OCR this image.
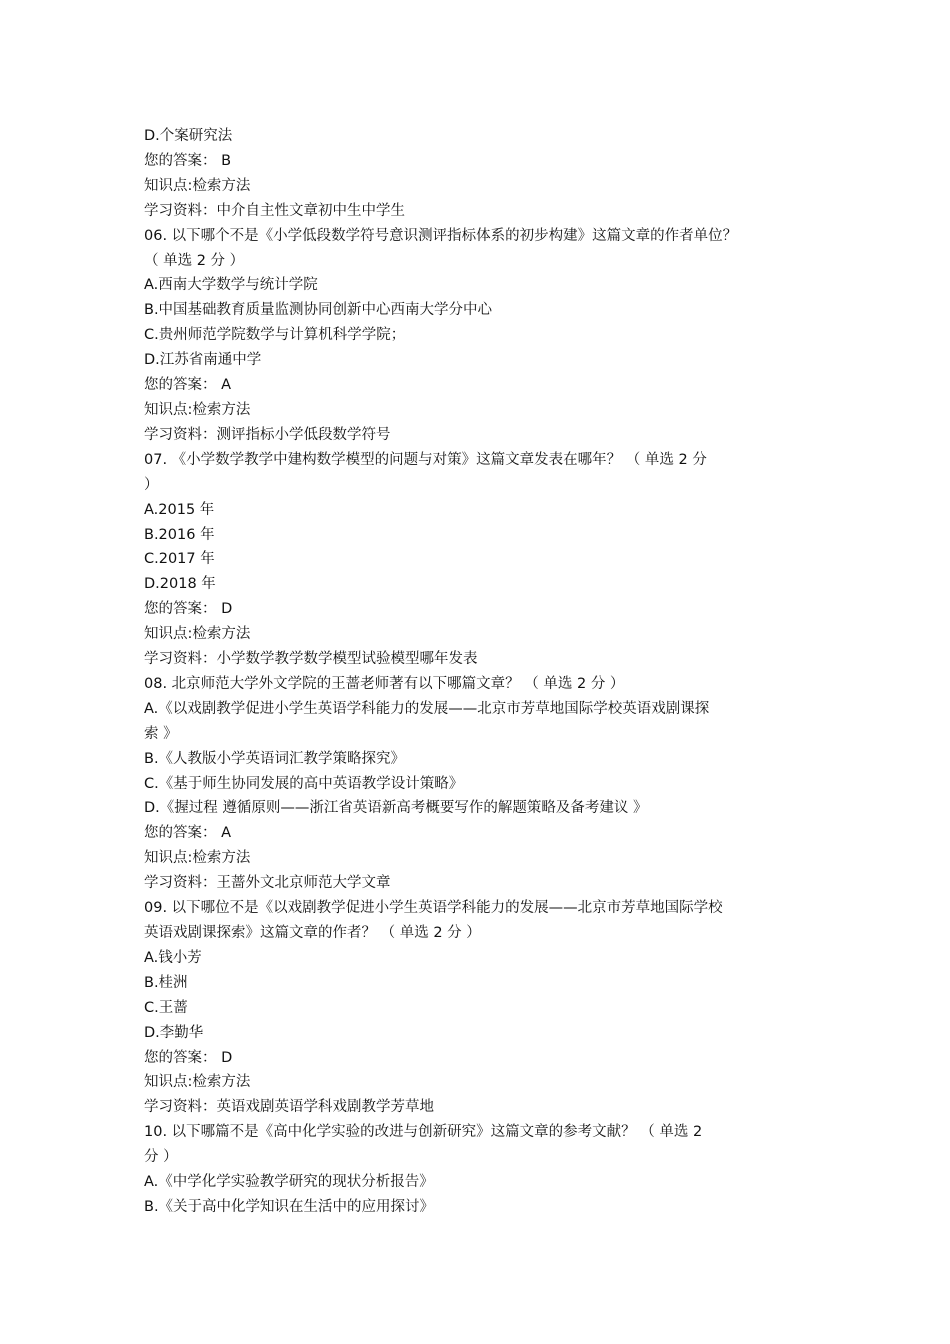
D.个案研究法
您的答案： B
知识点:检索方法
学习资料：中介自主性文章初中生中学生
06. 以下哪个不是《小学低段数学符号意识测评指标体系的初步构建》这篇文章的作者单位？
（ 单选 2 分 ）
A.西南大学数学与统计学院
B.中国基础教育质量监测协同创新中心西南大学分中心
C.贵州师范学院数学与计算机科学学院；
D.江苏省南通中学
您的答案： A
知识点:检索方法
学习资料：测评指标小学低段数学符号
07. 《小学数学教学中建构数学模型的问题与对策》这篇文章发表在哪年？ （ 单选 2 分
）
A.2015 年
B.2016 年
C.2017 年
D.2018 年
您的答案： D
知识点:检索方法
学习资料：小学数学教学数学模型试验模型哪年发表
08. 北京师范大学外文学院的王蔷老师著有以下哪篇文章？ （ 单选 2 分 ）
A.《以戏剧教学促进小学生英语学科能力的发展——北京市芳草地国际学校英语戏剧课探
索 》
B.《人教版小学英语词汇教学策略探究》
C.《基于师生协同发展的高中英语教学设计策略》
D.《握过程 遵循原则——浙江省英语新高考概要写作的解题策略及备考建议 》
您的答案： A
知识点:检索方法
学习资料：王蔷外文北京师范大学文章
09. 以下哪位不是《以戏剧教学促进小学生英语学科能力的发展——北京市芳草地国际学校
英语戏剧课探索》这篇文章的作者？ （ 单选 2 分 ）
A.钱小芳
B.桂洲
C.王蔷
D.李勤华
您的答案： D
知识点:检索方法
学习资料：英语戏剧英语学科戏剧教学芳草地
10. 以下哪篇不是《高中化学实验的改进与创新研究》这篇文章的参考文献？ （ 单选 2
分 ）
A.《中学化学实验教学研究的现状分析报告》
B.《关于高中化学知识在生活中的应用探讨》
